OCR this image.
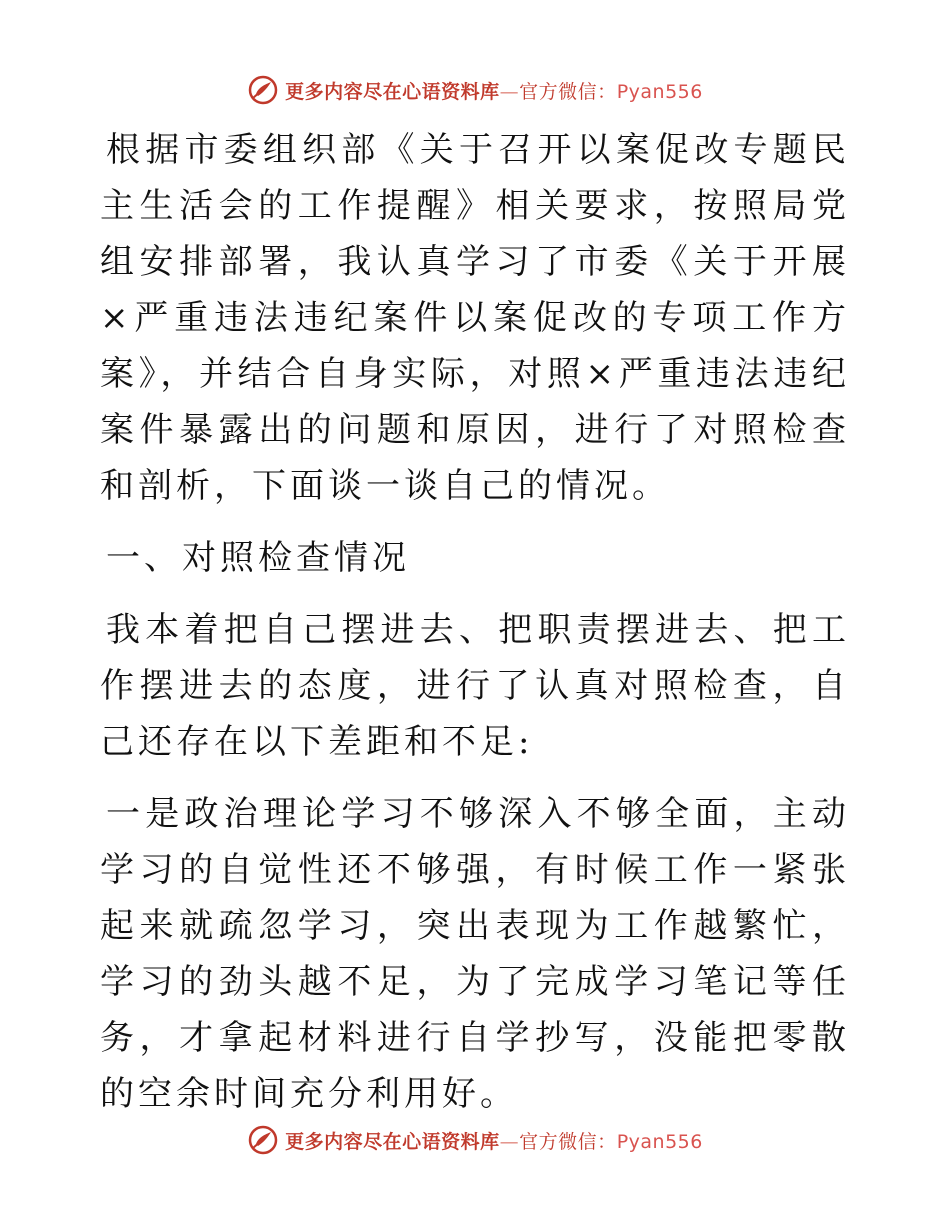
更多内容尽在心语资料库—官方微信：Pyan556

根据市委组织部《关于召开以案促改专题民主生活会的工作提醒》相关要求，按照局党组安排部署，我认真学习了市委《关于开展×严重违法违纪案件以案促改的专项工作方案》，并结合自身实际，对照×严重违法违纪案件暴露出的问题和原因，进行了对照检查和剖析，下面谈一谈自己的情况。

一、对照检查情况

我本着把自己摆进去、把职责摆进去、把工作摆进去的态度，进行了认真对照检查，自己还存在以下差距和不足:

一是政治理论学习不够深入不够全面，主动学习的自觉性还不够强，有时候工作一紧张起来就疏忽学习，突出表现为工作越繁忙，学习的劲头越不足，为了完成学习笔记等任务，才拿起材料进行自学抄写，没能把零散的空余时间充分利用好。

更多内容尽在心语资料库—官方微信：Pyan556
